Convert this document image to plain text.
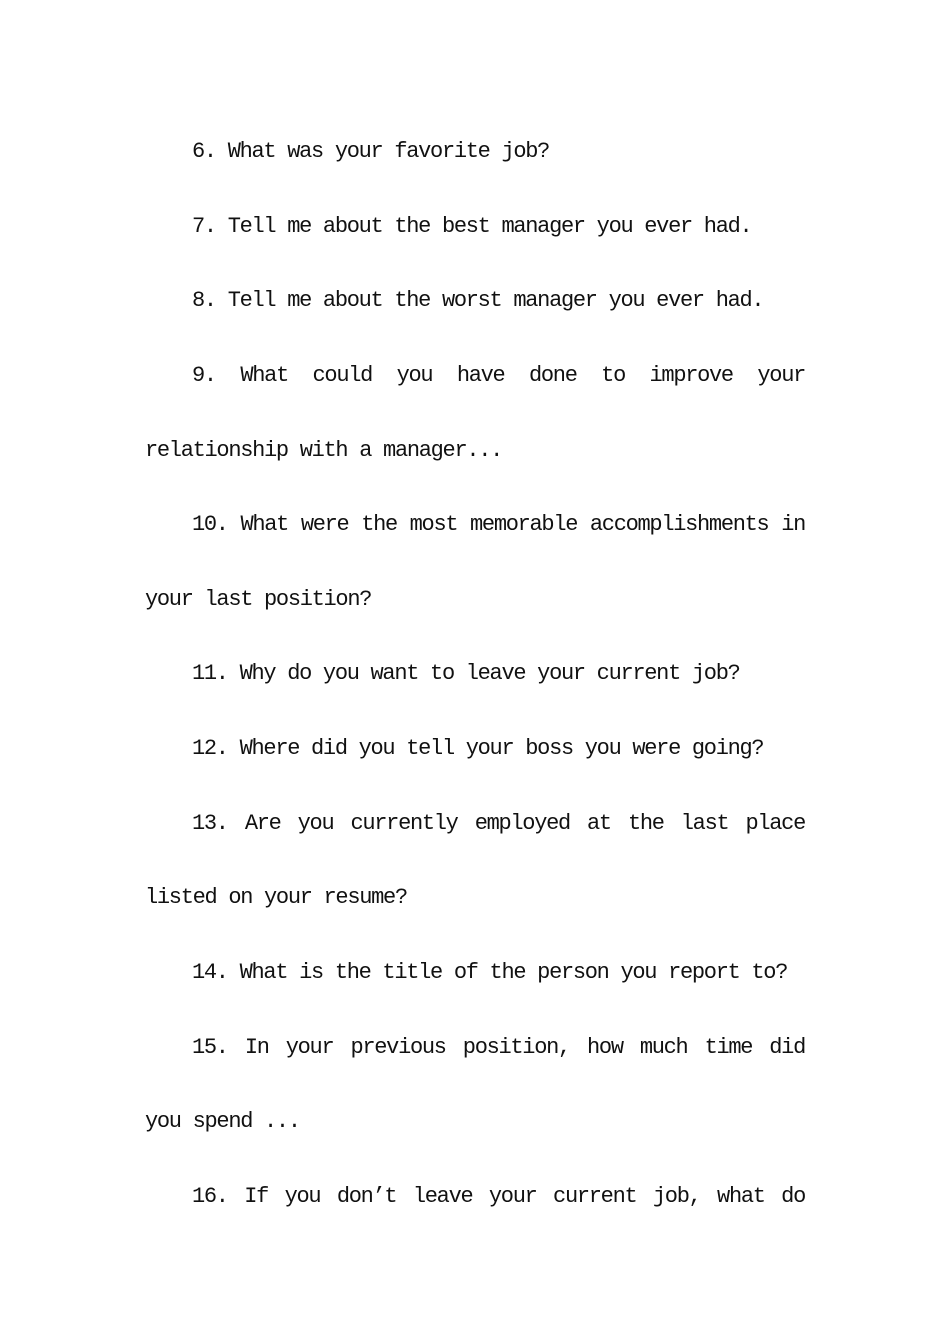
6. What was your favorite job?
7. Tell me about the best manager you ever had.
8. Tell me about the worst manager you ever had.
9. What could you have done to improve your
relationship with a manager...
10. What were the most memorable accomplishments in
your last position?
11. Why do you want to leave your current job?
12. Where did you tell your boss you were going?
13. Are you currently employed at the last place
listed on your resume?
14. What is the title of the person you report to?
15. In your previous position, how much time did
you spend ...
16. If you don’t leave your current job, what do
